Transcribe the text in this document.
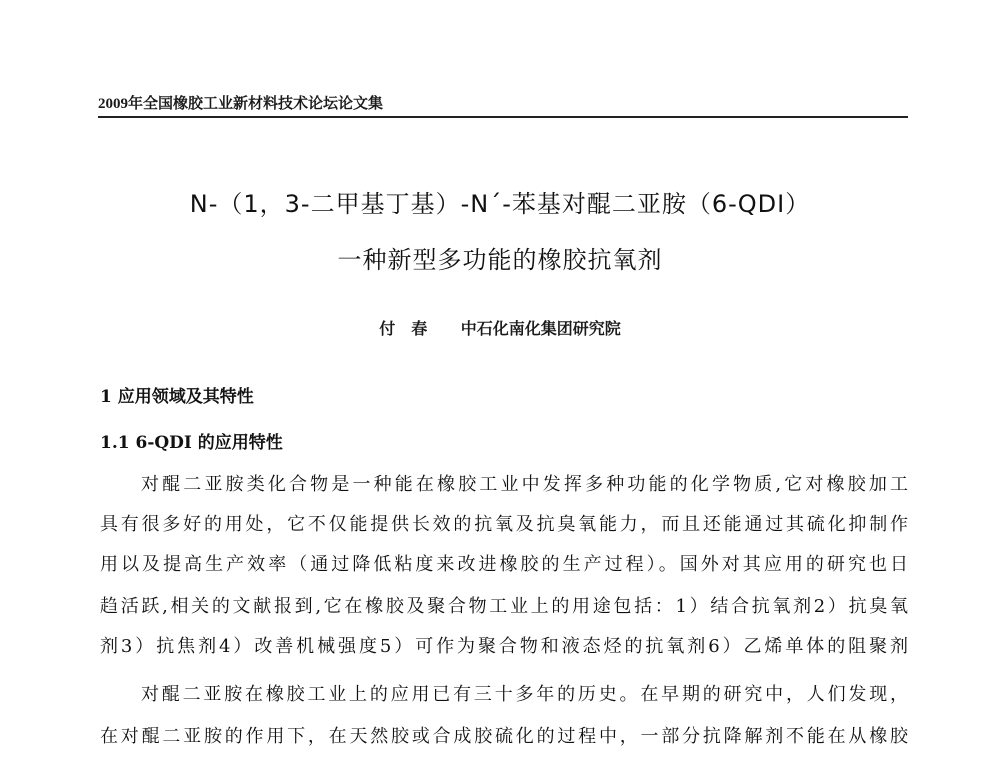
2009年全国橡胶工业新材料技术论坛论文集
N-（1，3-二甲基丁基）-N´-苯基对醌二亚胺（6-QDI）
一种新型多功能的橡胶抗氧剂
付　春 中石化南化集团研究院
1 应用领域及其特性
1.1 6-QDI 的应用特性
对醌二亚胺类化合物是一种能在橡胶工业中发挥多种功能的化学物质,它对橡胶加工
具有很多好的用处，它不仅能提供长效的抗氧及抗臭氧能力，而且还能通过其硫化抑制作
用以及提高生产效率（通过降低粘度来改进橡胶的生产过程）。国外对其应用的研究也日
趋活跃,相关的文献报到,它在橡胶及聚合物工业上的用途包括：1）结合抗氧剂2）抗臭氧
剂3）抗焦剂4）改善机械强度5）可作为聚合物和液态烃的抗氧剂6）乙烯单体的阻聚剂
对醌二亚胺在橡胶工业上的应用已有三十多年的历史。在早期的研究中，人们发现，
在对醌二亚胺的作用下，在天然胶或合成胶硫化的过程中，一部分抗降解剂不能在从橡胶
